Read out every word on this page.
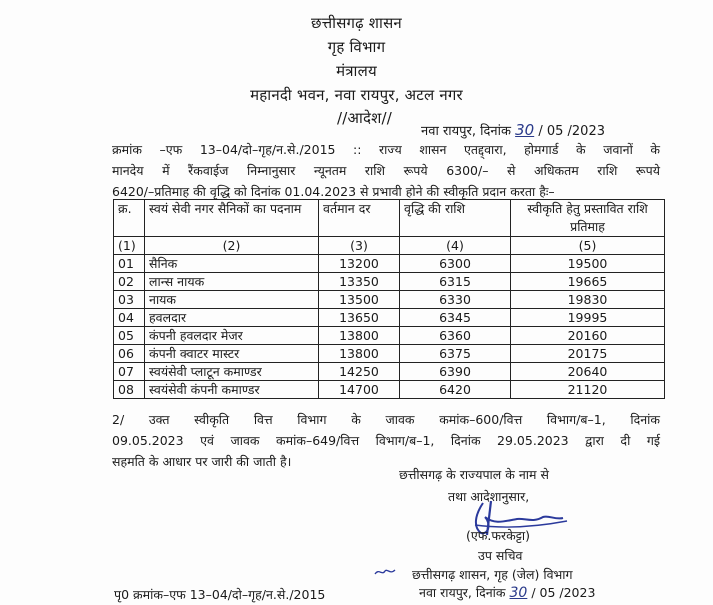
छत्तीसगढ़ शासन
गृह विभाग
मंत्रालय
महानदी भवन, नवा रायपुर, अटल नगर
//आदेश//
नवा रायपुर, दिनांक 30 / 05 /2023
क्रमांक –एफ 13–04/दो–गृह/न.से./2015 :: राज्य शासन एतद्द्वारा, होमगार्ड के जवानों के
मानदेय में रैंकवाईज निम्नानुसार न्यूनतम राशि रूपये 6300/– से अधिकतम राशि रूपये
6420/–प्रतिमाह की वृद्धि को दिनांक 01.04.2023 से प्रभावी होने की स्वीकृति प्रदान करता हैः–
क्र.	स्वयं सेवी नगर सैनिकों का पदनाम	वर्तमान दर	वृद्धि की राशि	स्वीकृति हेतु प्रस्तावित राशि प्रतिमाह
(1)	(2)	(3)	(4)	(5)
01	सैनिक	13200	6300	19500
02	लान्स नायक	13350	6315	19665
03	नायक	13500	6330	19830
04	हवलदार	13650	6345	19995
05	कंपनी हवलदार मेजर	13800	6360	20160
06	कंपनी क्वाटर मास्टर	13800	6375	20175
07	स्वयंसेवी प्लाटून कमाण्डर	14250	6390	20640
08	स्वयंसेवी कंपनी कमाण्डर	14700	6420	21120
2/ उक्त स्वीकृति वित्त विभाग के जावक कमांक–600/वित्त विभाग/ब–1, दिनांक
09.05.2023 एवं जावक कमांक–649/वित्त विभाग/ब–1, दिनांक 29.05.2023 द्वारा दी गई
सहमति के आधार पर जारी की जाती है।
छत्तीसगढ़ के राज्यपाल के नाम से
तथा आदेशानुसार,
(एफ.फरकेट्टा)
उप सचिव
छत्तीसगढ़ शासन, गृह (जेल) विभाग
नवा रायपुर, दिनांक 30 / 05 /2023
पृ0 क्रमांक–एफ 13–04/दो–गृह/न.से./2015
